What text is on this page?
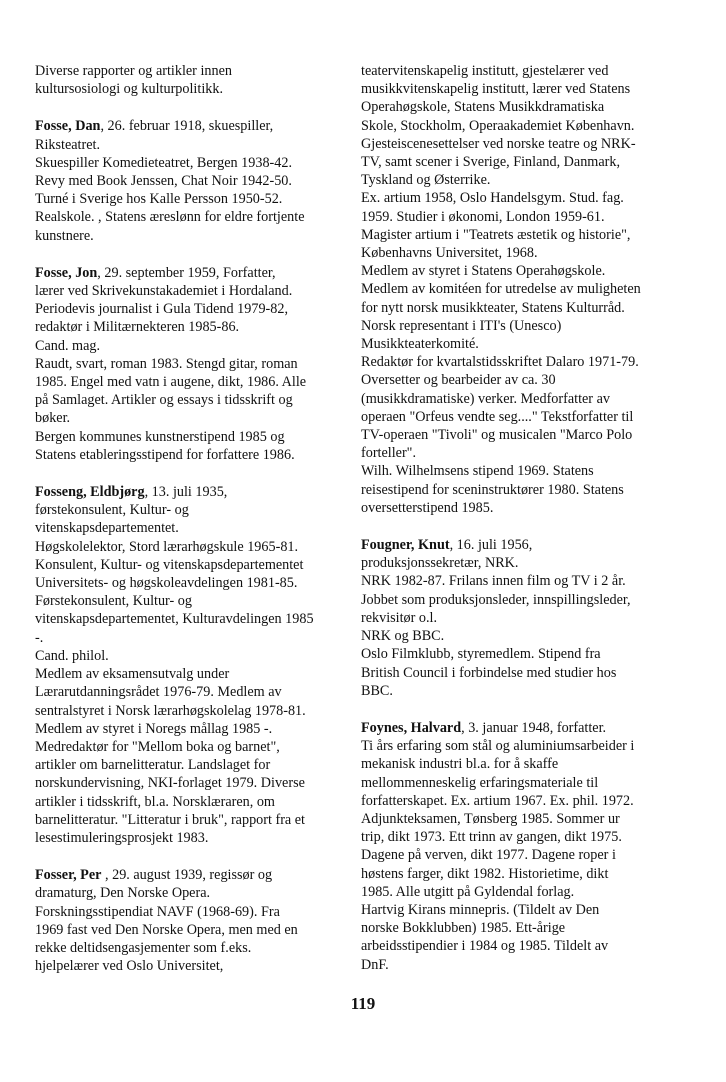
Diverse rapporter og artikler innen
kultursosiologi og kulturpolitikk.
Fosse, Dan, 26. februar 1918, skuespiller,
Riksteatret.
Skuespiller Komedieteatret, Bergen 1938-42.
Revy med Book Jenssen, Chat Noir 1942-50.
Turné i Sverige hos Kalle Persson 1950-52.
Realskole. , Statens æreslønn for eldre fortjente
kunstnere.
Fosse, Jon, 29. september 1959, Forfatter,
lærer ved Skrivekunstakademiet i Hordaland.
Periodevis journalist i Gula Tidend 1979-82,
redaktør i Militærnekteren 1985-86.
Cand. mag.
Raudt, svart, roman 1983. Stengd gitar, roman
1985. Engel med vatn i augene, dikt, 1986. Alle
på Samlaget. Artikler og essays i tidsskrift og
bøker.
Bergen kommunes kunstnerstipend 1985 og
Statens etableringsstipend for forfattere 1986.
Fosseng, Eldbjørg, 13. juli 1935,
førstekonsulent, Kultur- og
vitenskapsdepartementet.
Høgskolelektor, Stord lærarhøgskule 1965-81.
Konsulent, Kultur- og vitenskapsdepartementet
Universitets- og høgskoleavdelingen 1981-85.
Førstekonsulent, Kultur- og
vitenskapsdepartementet, Kulturavdelingen 1985
-.
Cand. philol.
Medlem av eksamensutvalg under
Lærarutdanningsrådet 1976-79. Medlem av
sentralstyret i Norsk lærarhøgskolelag 1978-81.
Medlem av styret i Noregs mållag 1985 -.
Medredaktør for "Mellom boka og barnet",
artikler om barnelitteratur. Landslaget for
norskundervisning, NKI-forlaget 1979. Diverse
artikler i tidsskrift, bl.a. Norsklæraren, om
barnelitteratur. "Litteratur i bruk", rapport fra et
lesestimuleringsprosjekt 1983.
Fosser, Per , 29. august 1939, regissør og
dramaturg, Den Norske Opera.
Forskningsstipendiat NAVF (1968-69). Fra
1969 fast ved Den Norske Opera, men med en
rekke deltidsengasjementer som f.eks.
hjelpelærer ved Oslo Universitet,
teatervitenskapelig institutt, gjestelærer ved
musikkvitenskapelig institutt, lærer ved Statens
Operahøgskole, Statens Musikkdramatiska
Skole, Stockholm, Operaakademiet København.
Gjesteiscenesettelser ved norske teatre og NRK-
TV, samt scener i Sverige, Finland, Danmark,
Tyskland og Østerrike.
Ex. artium 1958, Oslo Handelsgym. Stud. fag.
1959. Studier i økonomi, London 1959-61.
Magister artium i "Teatrets æstetik og historie",
Københavns Universitet, 1968.
Medlem av styret i Statens Operahøgskole.
Medlem av komitéen for utredelse av muligheten
for nytt norsk musikkteater, Statens Kulturråd.
Norsk representant i ITI's (Unesco)
Musikkteaterkomité.
Redaktør for kvartalstidsskriftet Dalaro 1971-79.
Oversetter og bearbeider av ca. 30
(musikkdramatiske) verker. Medforfatter av
operaen "Orfeus vendte seg...." Tekstforfatter til
TV-operaen "Tivoli" og musicalen "Marco Polo
forteller".
Wilh. Wilhelmsens stipend 1969. Statens
reisestipend for sceninstruktører 1980. Statens
oversetterstipend 1985.
Fougner, Knut, 16. juli 1956,
produksjonssekretær, NRK.
NRK 1982-87. Frilans innen film og TV i 2 år.
Jobbet som produksjonsleder, innspillingsleder,
rekvisitør o.l.
NRK og BBC.
Oslo Filmklubb, styremedlem. Stipend fra
British Council i forbindelse med studier hos
BBC.
Foynes, Halvard, 3. januar 1948, forfatter.
Ti års erfaring som stål og aluminiumsarbeider i
mekanisk industri bl.a. for å skaffe
mellommenneskelig erfaringsmateriale til
forfatterskapet. Ex. artium 1967. Ex. phil. 1972.
Adjunkteksamen, Tønsberg 1985. Sommer ur
trip, dikt 1973. Ett trinn av gangen, dikt 1975.
Dagene på verven, dikt 1977. Dagene roper i
høstens farger, dikt 1982. Historietime, dikt
1985. Alle utgitt på Gyldendal forlag.
Hartvig Kirans minnepris. (Tildelt av Den
norske Bokklubben) 1985. Ett-årige
arbeidsstipendier i 1984 og 1985. Tildelt av
DnF.
119
